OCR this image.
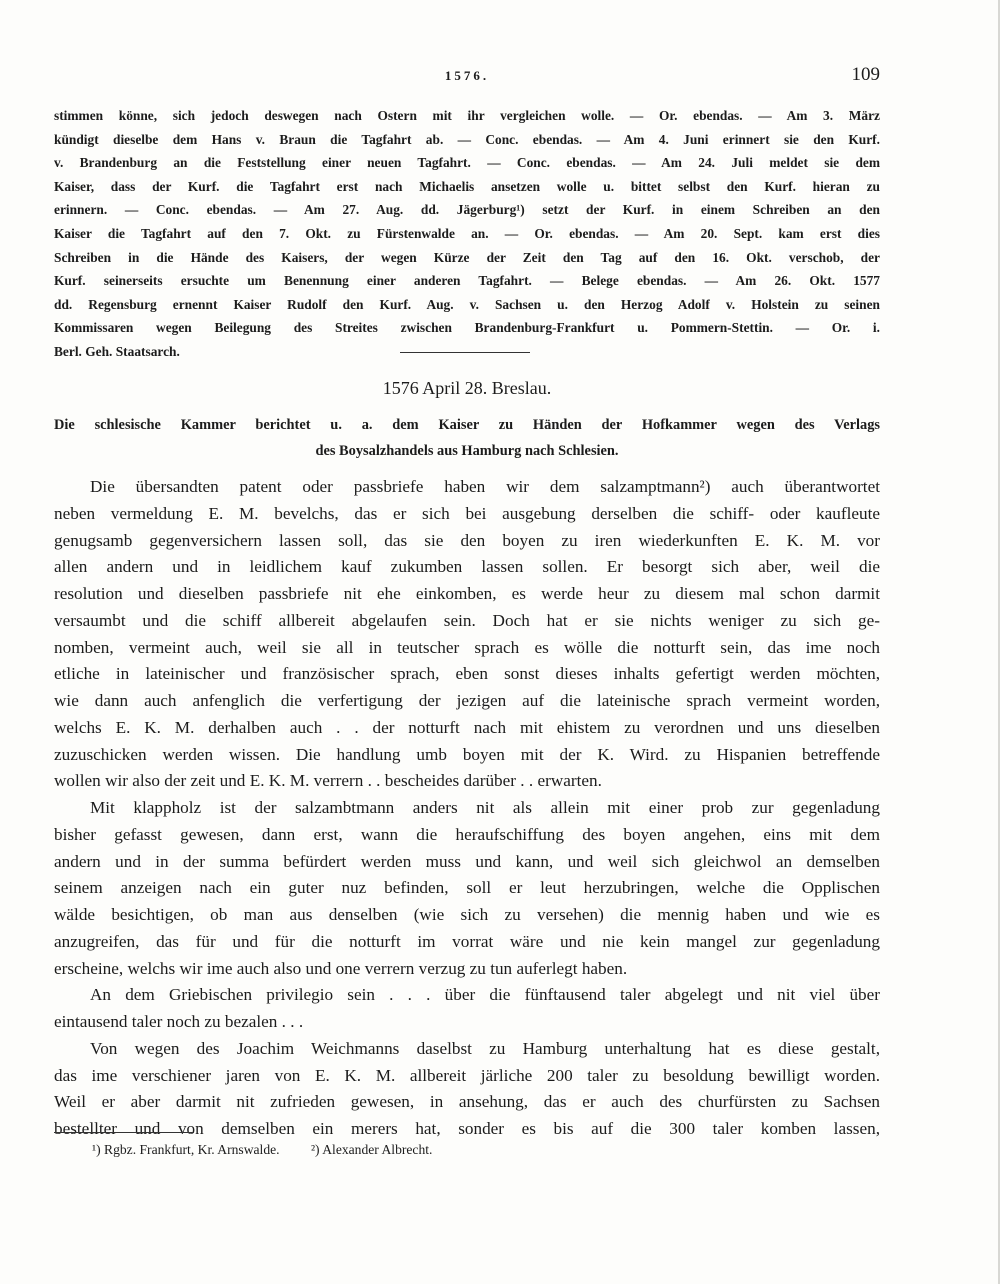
1576.	109
stimmen könne, sich jedoch deswegen nach Ostern mit ihr vergleichen wolle. — Or. ebendas. — Am 3. März
kündigt dieselbe dem Hans v. Braun die Tagfahrt ab. — Conc. ebendas. — Am 4. Juni erinnert sie den Kurf.
v. Brandenburg an die Feststellung einer neuen Tagfahrt. — Conc. ebendas. — Am 24. Juli meldet sie dem
Kaiser, dass der Kurf. die Tagfahrt erst nach Michaelis ansetzen wolle u. bittet selbst den Kurf. hieran zu
erinnern. — Conc. ebendas. — Am 27. Aug. dd. Jägerburg¹) setzt der Kurf. in einem Schreiben an den
Kaiser die Tagfahrt auf den 7. Okt. zu Fürstenwalde an. — Or. ebendas. — Am 20. Sept. kam erst dies
Schreiben in die Hände des Kaisers, der wegen Kürze der Zeit den Tag auf den 16. Okt. verschob, der
Kurf. seinerseits ersuchte um Benennung einer anderen Tagfahrt. — Belege ebendas. — Am 26. Okt. 1577
dd. Regensburg ernennt Kaiser Rudolf den Kurf. Aug. v. Sachsen u. den Herzog Adolf v. Holstein zu seinen
Kommissaren wegen Beilegung des Streites zwischen Brandenburg-Frankfurt u. Pommern-Stettin. — Or. i.
Berl. Geh. Staatsarch.
1576 April 28. Breslau.
Die schlesische Kammer berichtet u. a. dem Kaiser zu Händen der Hofkammer wegen des Verlags
des Boysalzhandels aus Hamburg nach Schlesien.
Die übersandten patent oder passbriefe haben wir dem salzamptmann²) auch überantwortet
neben vermeldung E. M. bevelchs, das er sich bei ausgebung derselben die schiff- oder kaufleute
genugsamb gegenversichern lassen soll, das sie den boyen zu iren wiederkunften E. K. M. vor
allen andern und in leidlichem kauf zukumben lassen sollen. Er besorgt sich aber, weil die
resolution und dieselben passbriefe nit ehe einkomben, es werde heur zu diesem mal schon darmit
versaumbt und die schiff allbereit abgelaufen sein. Doch hat er sie nichts weniger zu sich ge-
nomben, vermeint auch, weil sie all in teutscher sprach es wölle die notturft sein, das ime noch
etliche in lateinischer und französischer sprach, eben sonst dieses inhalts gefertigt werden möchten,
wie dann auch anfenglich die verfertigung der jezigen auf die lateinische sprach vermeint worden,
welchs E. K. M. derhalben auch . . der notturft nach mit ehistem zu verordnen und uns dieselben
zuzuschicken werden wissen. Die handlung umb boyen mit der K. Wird. zu Hispanien betreffende
wollen wir also der zeit und E. K. M. verrern . . bescheides darüber . . erwarten.
Mit klappholz ist der salzambtmann anders nit als allein mit einer prob zur gegenladung
bisher gefasst gewesen, dann erst, wann die heraufschiffung des boyen angehen, eins mit dem
andern und in der summa befürdert werden muss und kann, und weil sich gleichwol an demselben
seinem anzeigen nach ein guter nuz befinden, soll er leut herzubringen, welche die Opplischen
wälde besichtigen, ob man aus denselben (wie sich zu versehen) die mennig haben und wie es
anzugreifen, das für und für die notturft im vorrat wäre und nie kein mangel zur gegenladung
erscheine, welchs wir ime auch also und one verrern verzug zu tun auferlegt haben.
An dem Griebischen privilegio sein . . . über die fünftausend taler abgelegt und nit viel über
eintausend taler noch zu bezalen . . .
Von wegen des Joachim Weichmanns daselbst zu Hamburg unterhaltung hat es diese gestalt,
das ime verschiener jaren von E. K. M. allbereit järliche 200 taler zu besoldung bewilligt worden.
Weil er aber darmit nit zufrieden gewesen, in ansehung, das er auch des churfürsten zu Sachsen
bestellter und von demselben ein merers hat, sonder es bis auf die 300 taler komben lassen,
¹) Rgbz. Frankfurt, Kr. Arnswalde. ²) Alexander Albrecht.
